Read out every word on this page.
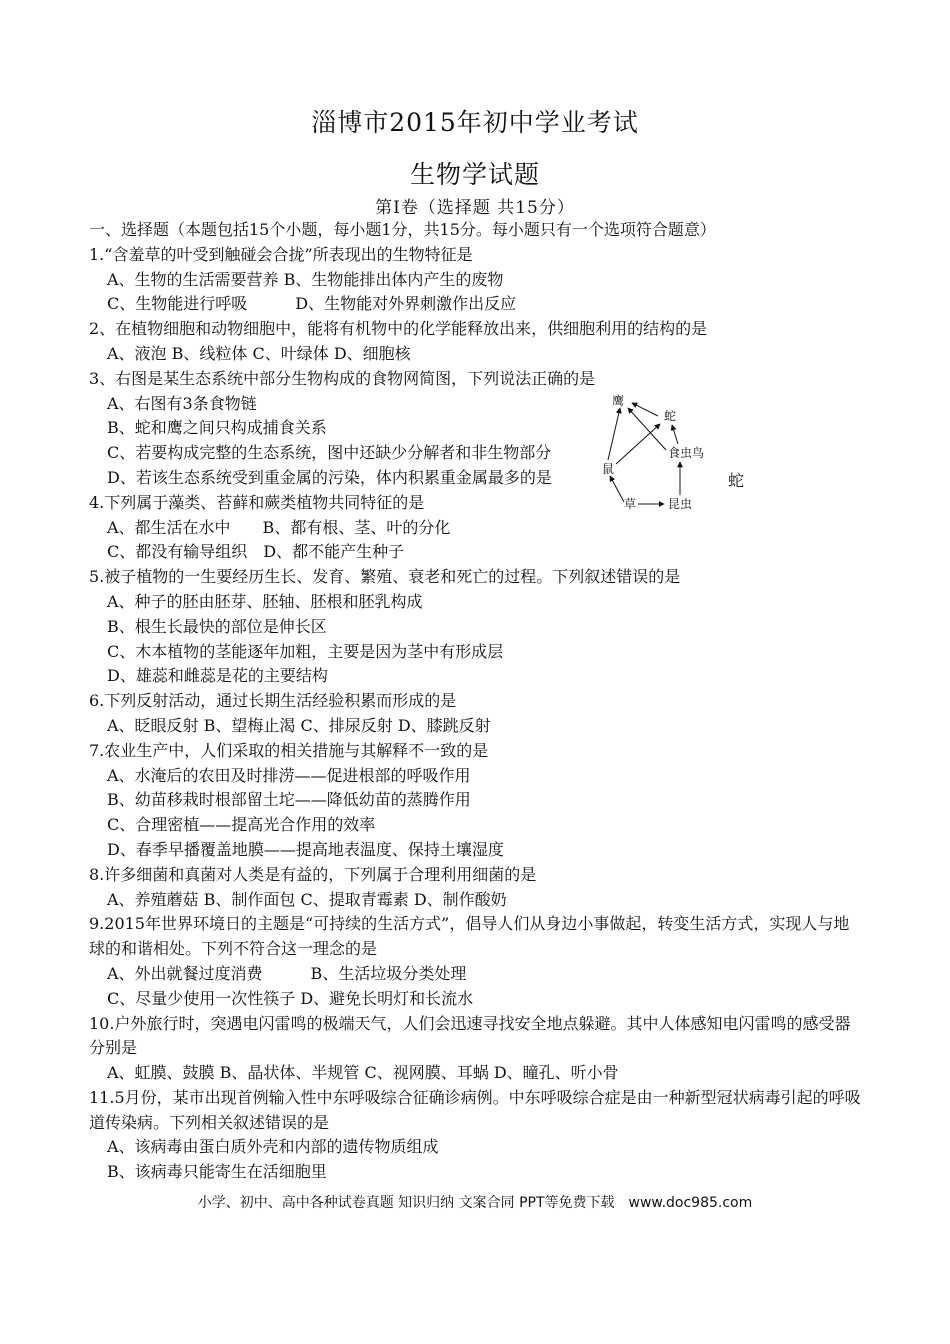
淄博市2015年初中学业考试
生物学试题
第Ⅰ卷（选择题 共15分）
一、选择题（本题包括15个小题，每小题1分，共15分。每小题只有一个选项符合题意）
1.“含羞草的叶受到触碰会合拢”所表现出的生物特征是
A、生物的生活需要营养 B、生物能排出体内产生的废物
C、生物能进行呼吸　　　D、生物能对外界刺激作出反应
2、在植物细胞和动物细胞中，能将有机物中的化学能释放出来，供细胞利用的结构的是
A、液泡 B、线粒体 C、叶绿体 D、细胞核
3、右图是某生态系统中部分生物构成的食物网简图，下列说法正确的是
A、右图有3条食物链
B、蛇和鹰之间只构成捕食关系
C、若要构成完整的生态系统，图中还缺少分解者和非生物部分
D、若该生态系统受到重金属的污染，体内积累重金属最多的是
4.下列属于藻类、苔藓和蕨类植物共同特征的是
A、都生活在水中　　B、都有根、茎、叶的分化
C、都没有输导组织　D、都不能产生种子
5.被子植物的一生要经历生长、发育、繁殖、衰老和死亡的过程。下列叙述错误的是
A、种子的胚由胚芽、胚轴、胚根和胚乳构成
B、根生长最快的部位是伸长区
C、木本植物的茎能逐年加粗，主要是因为茎中有形成层
D、雄蕊和雌蕊是花的主要结构
6.下列反射活动，通过长期生活经验积累而形成的是
A、眨眼反射 B、望梅止渴 C、排尿反射 D、膝跳反射
7.农业生产中，人们采取的相关措施与其解释不一致的是
A、水淹后的农田及时排涝——促进根部的呼吸作用
B、幼苗移栽时根部留土坨——降低幼苗的蒸腾作用
C、合理密植——提高光合作用的效率
D、春季早播覆盖地膜——提高地表温度、保持土壤湿度
8.许多细菌和真菌对人类是有益的，下列属于合理利用细菌的是
A、养殖蘑菇 B、制作面包 C、提取青霉素 D、制作酸奶
9.2015年世界环境日的主题是“可持续的生活方式”，倡导人们从身边小事做起，转变生活方式，实现人与地球的和谐相处。下列不符合这一理念的是
A、外出就餐过度消费　　　B、生活垃圾分类处理
C、尽量少使用一次性筷子 D、避免长明灯和长流水
10.户外旅行时，突遇电闪雷鸣的极端天气，人们会迅速寻找安全地点躲避。其中人体感知电闪雷鸣的感受器分别是
A、虹膜、鼓膜 B、晶状体、半规管 C、视网膜、耳蜗 D、瞳孔、听小骨
11.5月份，某市出现首例输入性中东呼吸综合征确诊病例。中东呼吸综合症是由一种新型冠状病毒引起的呼吸道传染病。下列相关叙述错误的是
A、该病毒由蛋白质外壳和内部的遗传物质组成
B、该病毒只能寄生在活细胞里
鹰
蛇
食虫鸟
鼠
草	昆虫
蛇
小学、初中、高中各种试卷真题 知识归纳 文案合同 PPT等免费下载　www.doc985.com
